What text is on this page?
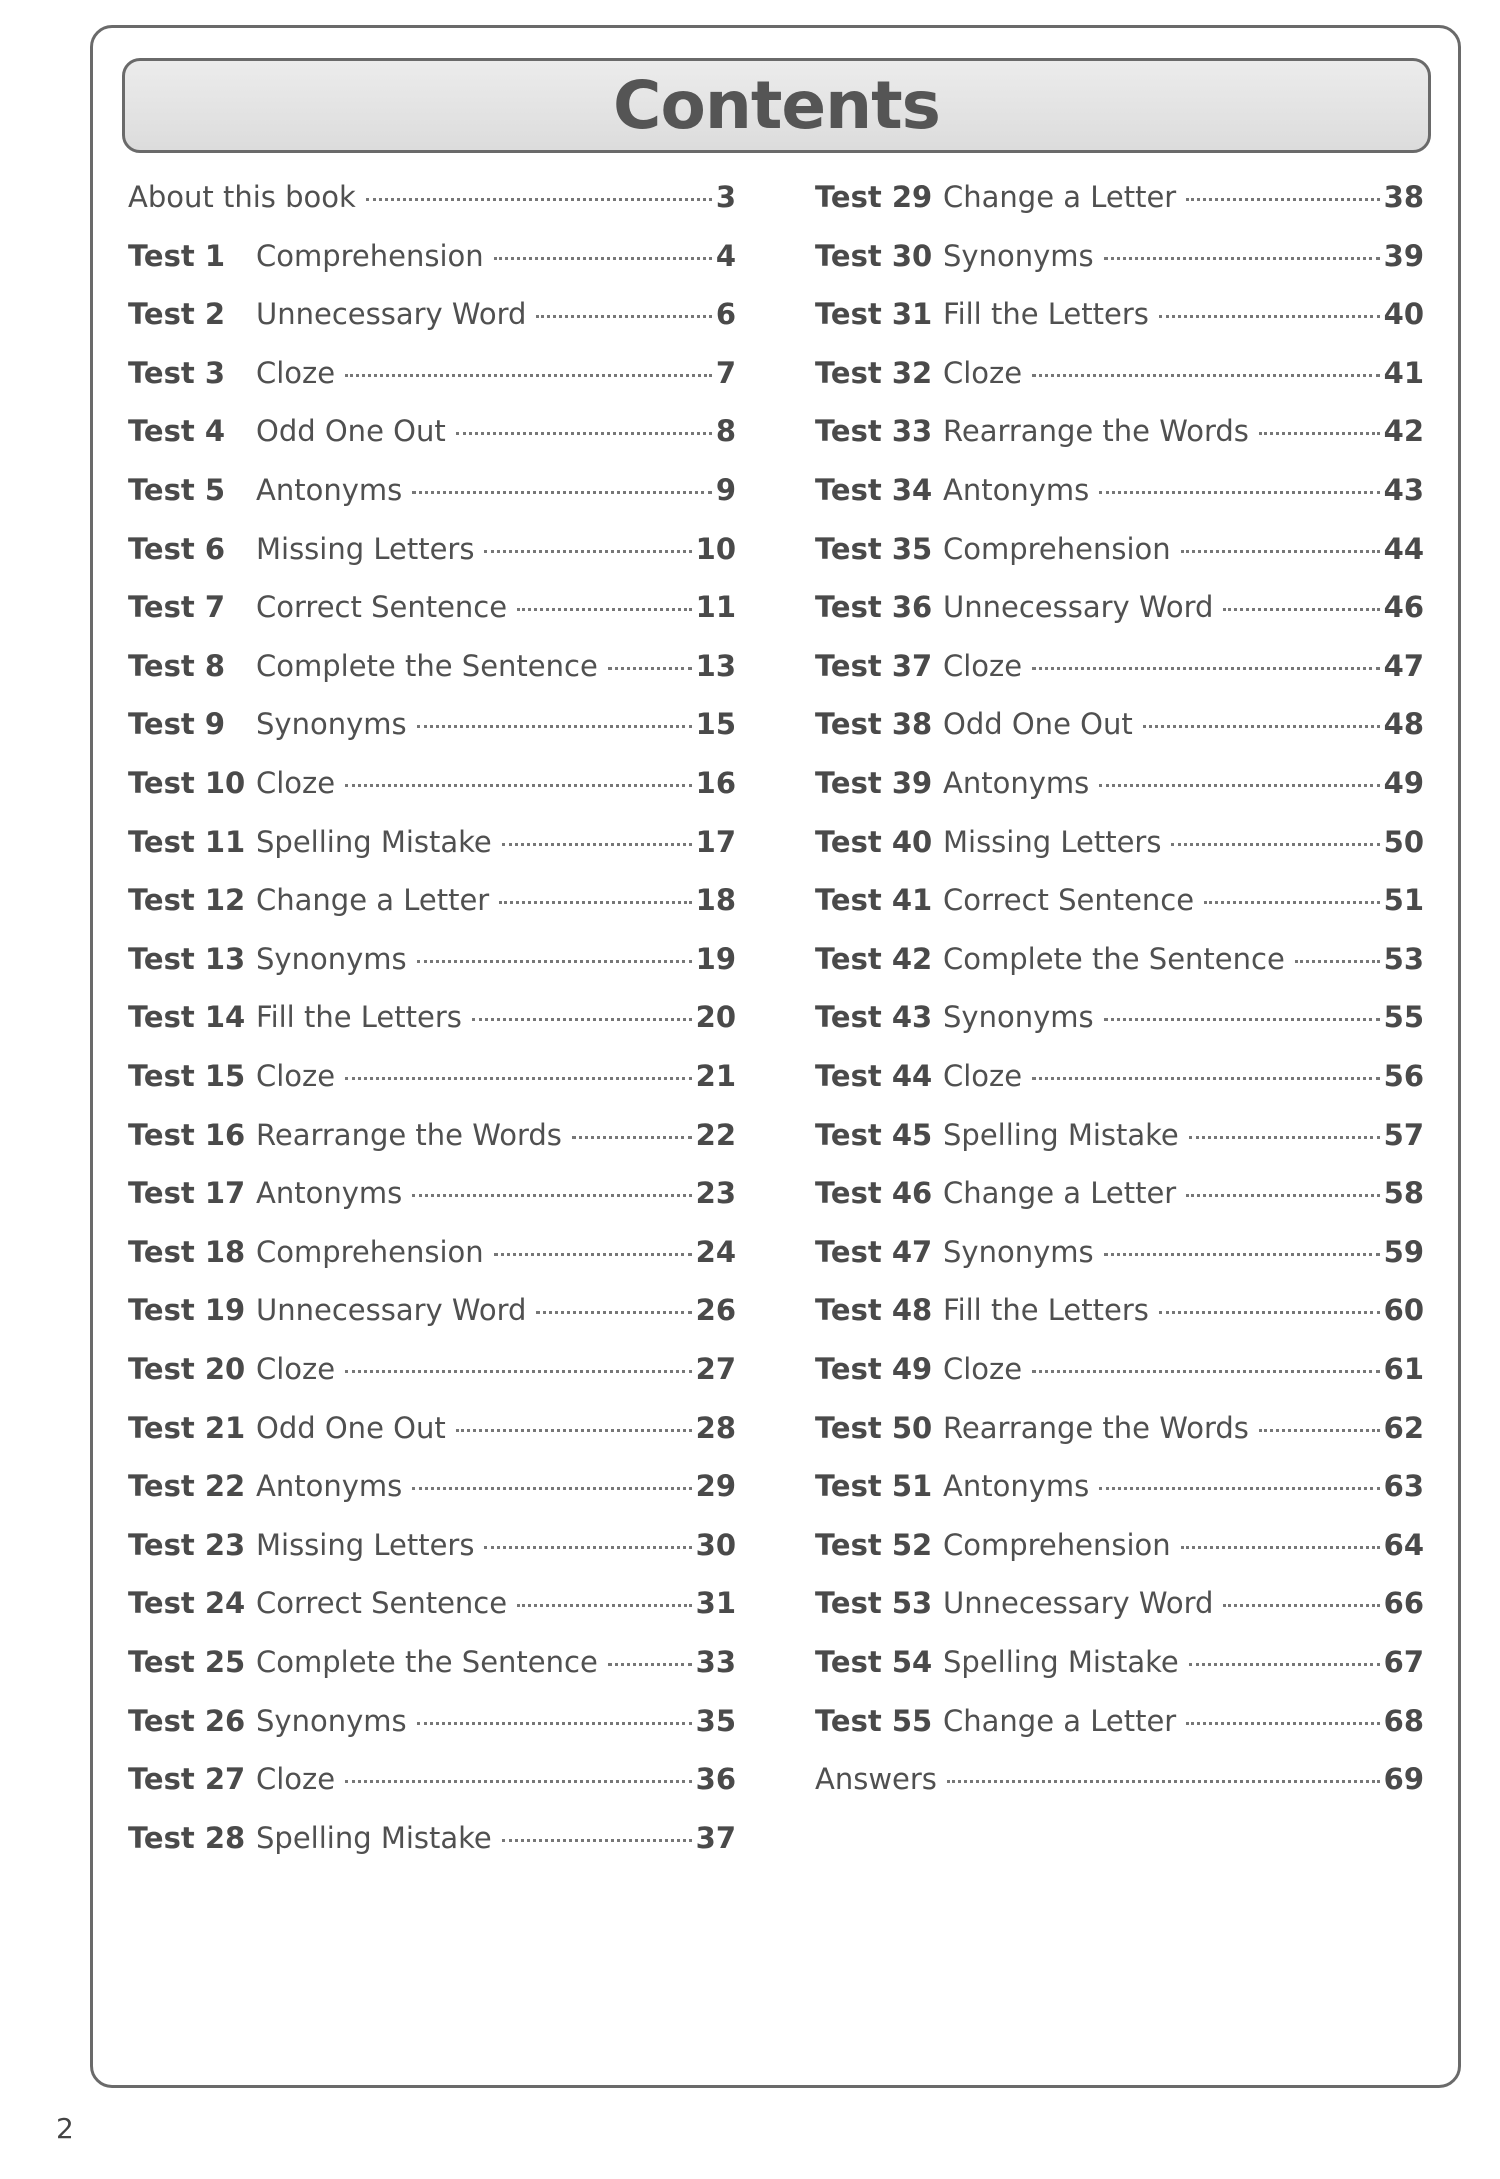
Contents
About this book	3
Test 1	Comprehension	4
Test 2	Unnecessary Word	6
Test 3	Cloze	7
Test 4	Odd One Out	8
Test 5	Antonyms	9
Test 6	Missing Letters	10
Test 7	Correct Sentence	11
Test 8	Complete the Sentence	13
Test 9	Synonyms	15
Test 10 Cloze	16
Test 11 Spelling Mistake	17
Test 12 Change a Letter	18
Test 13 Synonyms	19
Test 14 Fill the Letters	20
Test 15 Cloze	21
Test 16 Rearrange the Words	22
Test 17 Antonyms	23
Test 18 Comprehension	24
Test 19 Unnecessary Word	26
Test 20 Cloze	27
Test 21 Odd One Out	28
Test 22 Antonyms	29
Test 23 Missing Letters	30
Test 24 Correct Sentence	31
Test 25 Complete the Sentence	33
Test 26 Synonyms	35
Test 27 Cloze	36
Test 28 Spelling Mistake	37
Test 29 Change a Letter	38
Test 30 Synonyms	39
Test 31 Fill the Letters	40
Test 32 Cloze	41
Test 33 Rearrange the Words	42
Test 34 Antonyms	43
Test 35 Comprehension	44
Test 36 Unnecessary Word	46
Test 37 Cloze	47
Test 38 Odd One Out	48
Test 39 Antonyms	49
Test 40 Missing Letters	50
Test 41 Correct Sentence	51
Test 42 Complete the Sentence	53
Test 43 Synonyms	55
Test 44 Cloze	56
Test 45 Spelling Mistake	57
Test 46 Change a Letter	58
Test 47 Synonyms	59
Test 48 Fill the Letters	60
Test 49 Cloze	61
Test 50 Rearrange the Words	62
Test 51 Antonyms	63
Test 52 Comprehension	64
Test 53 Unnecessary Word	66
Test 54 Spelling Mistake	67
Test 55 Change a Letter	68
Answers	69
2
